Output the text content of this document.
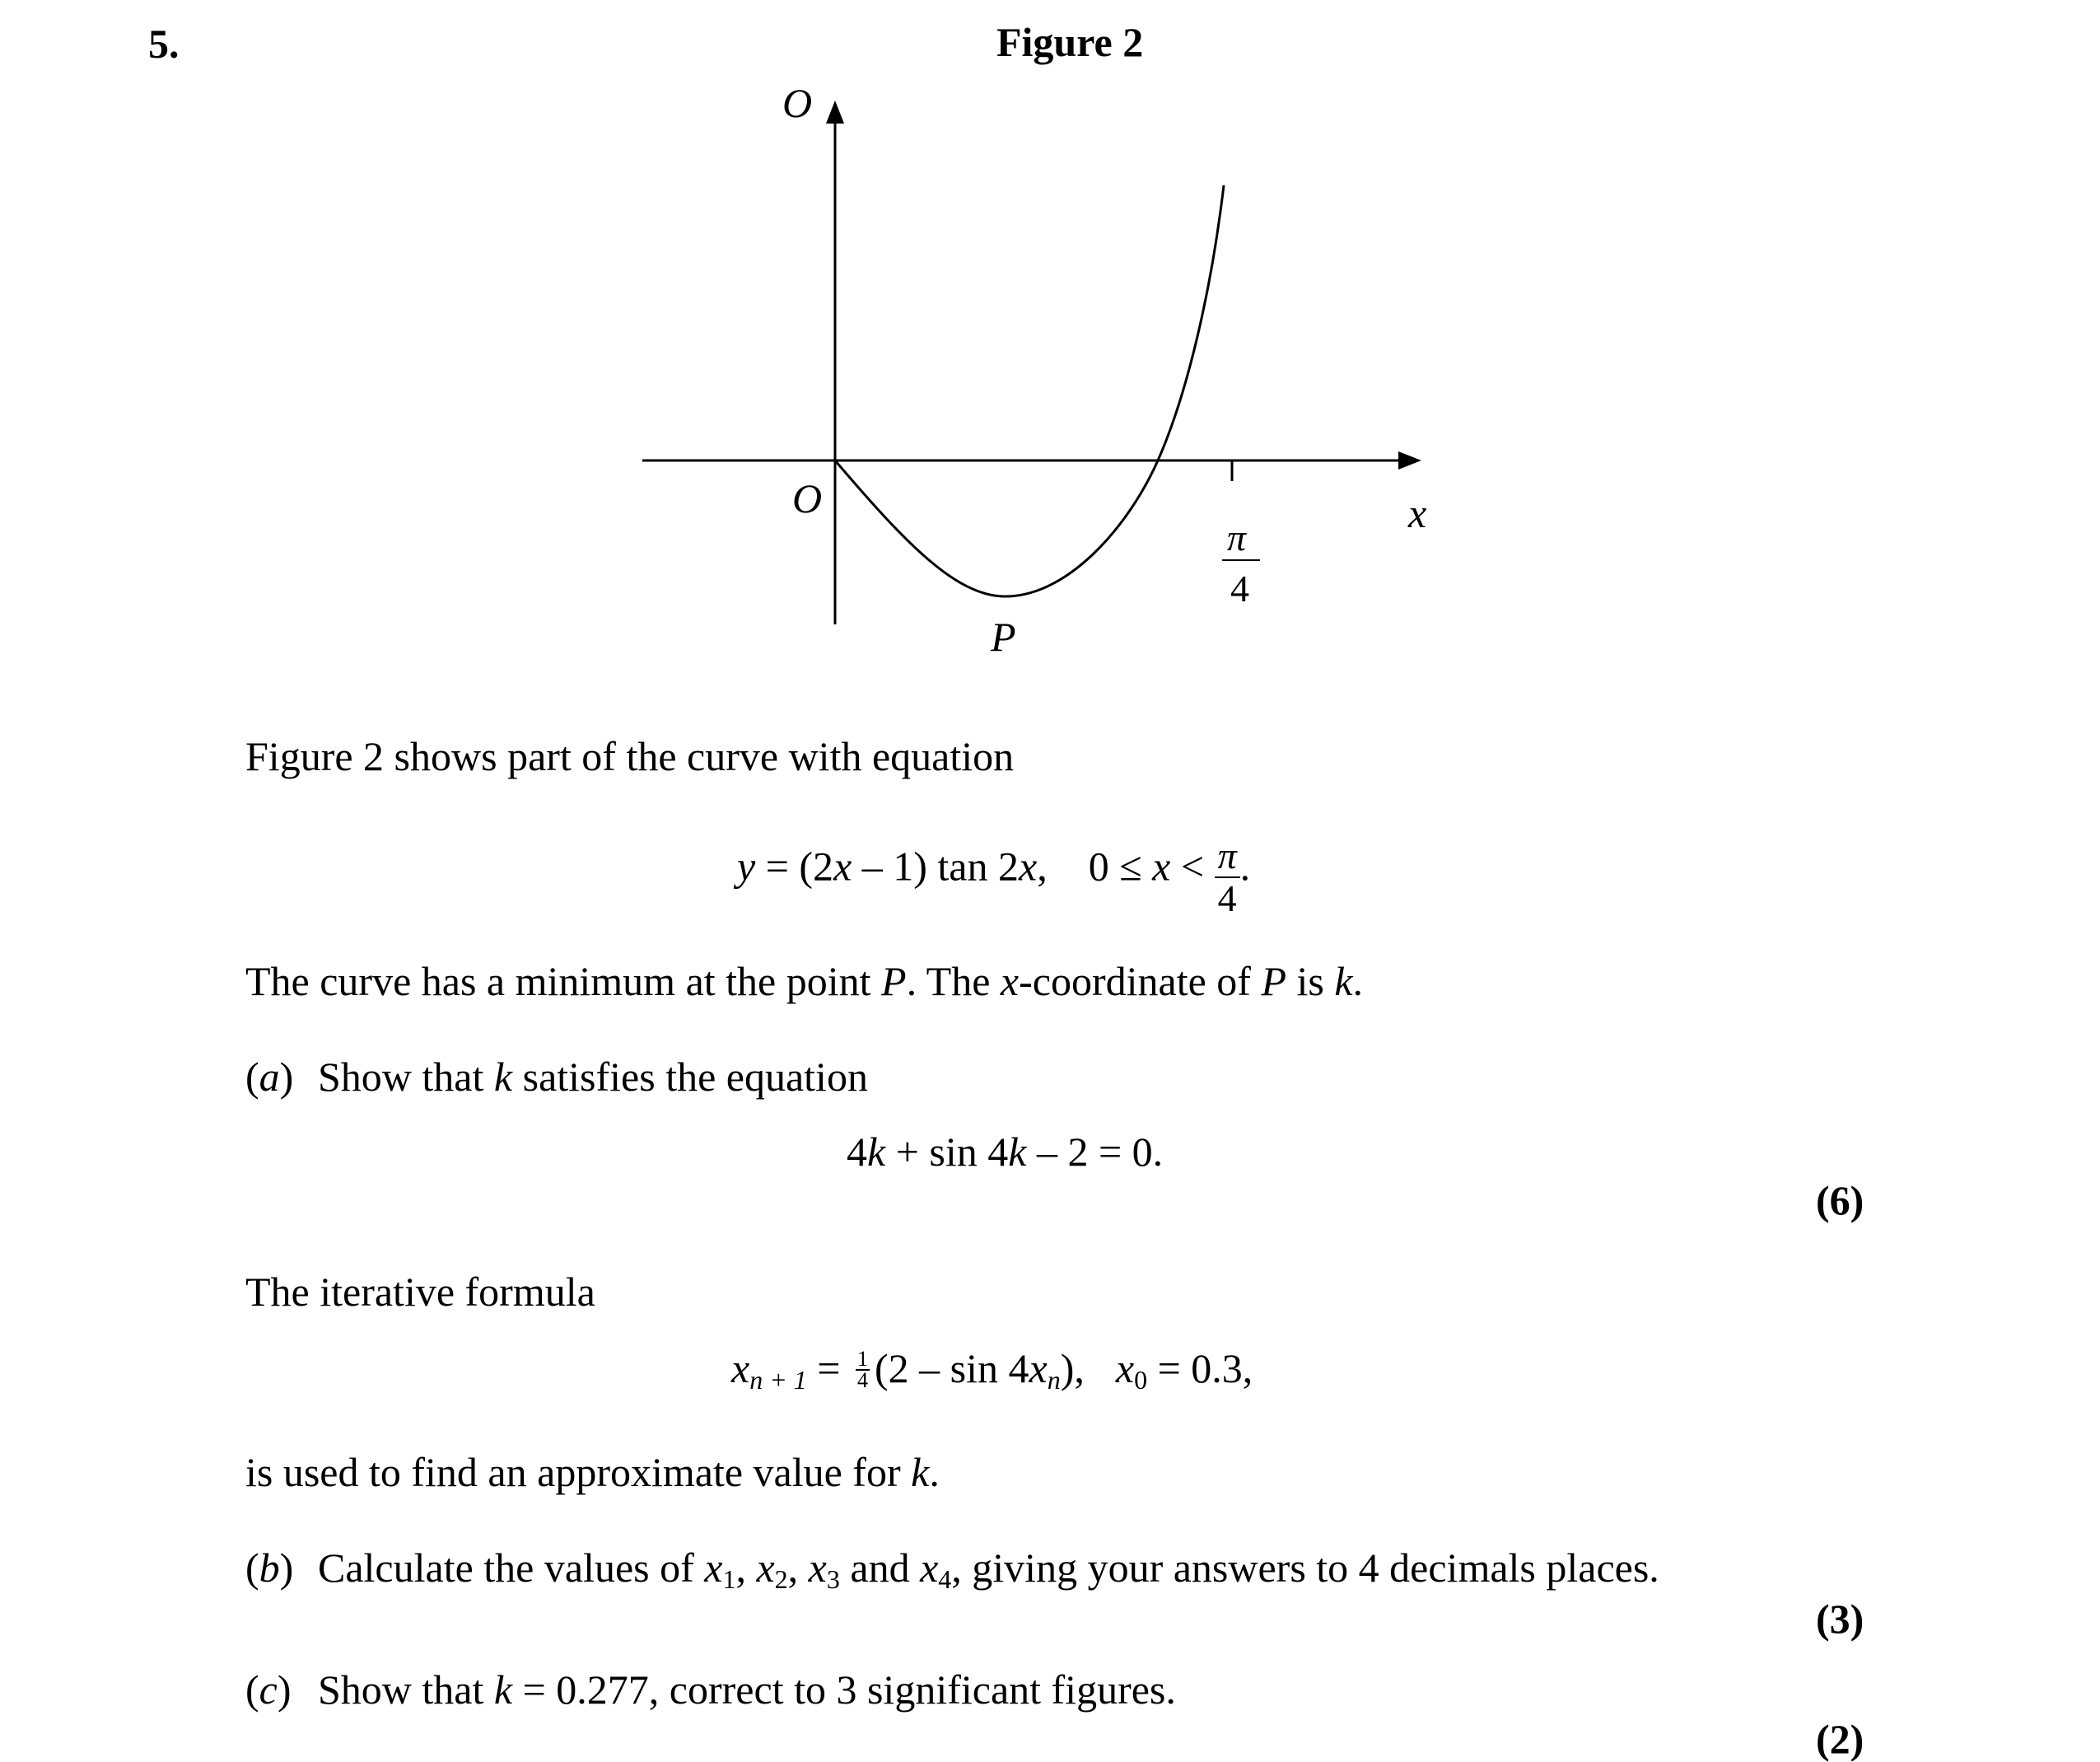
5.	Figure 2
O
O	x
P
π
4
Figure 2 shows part of the curve with equation
y = (2x – 1) tan 2x, $0 \le x < \frac{\pi}{4}$ .
The curve has a minimum at the point P. The x-coordinate of P is k.
(a) Show that k satisfies the equation
4k + sin 4k – 2 = 0.
(6)
The iterative formula
$x_{n + 1} = \frac{1}{4} (2 - \sin 4x_n)$, $x_0 = 0.3$,
is used to find an approximate value for k.
(b) Calculate the values of $x_1$, $x_2$, $x_3$ and $x_4$, giving your answers to 4 decimals places.
(3)
(c) Show that k = 0.277, correct to 3 significant figures.
(2)
